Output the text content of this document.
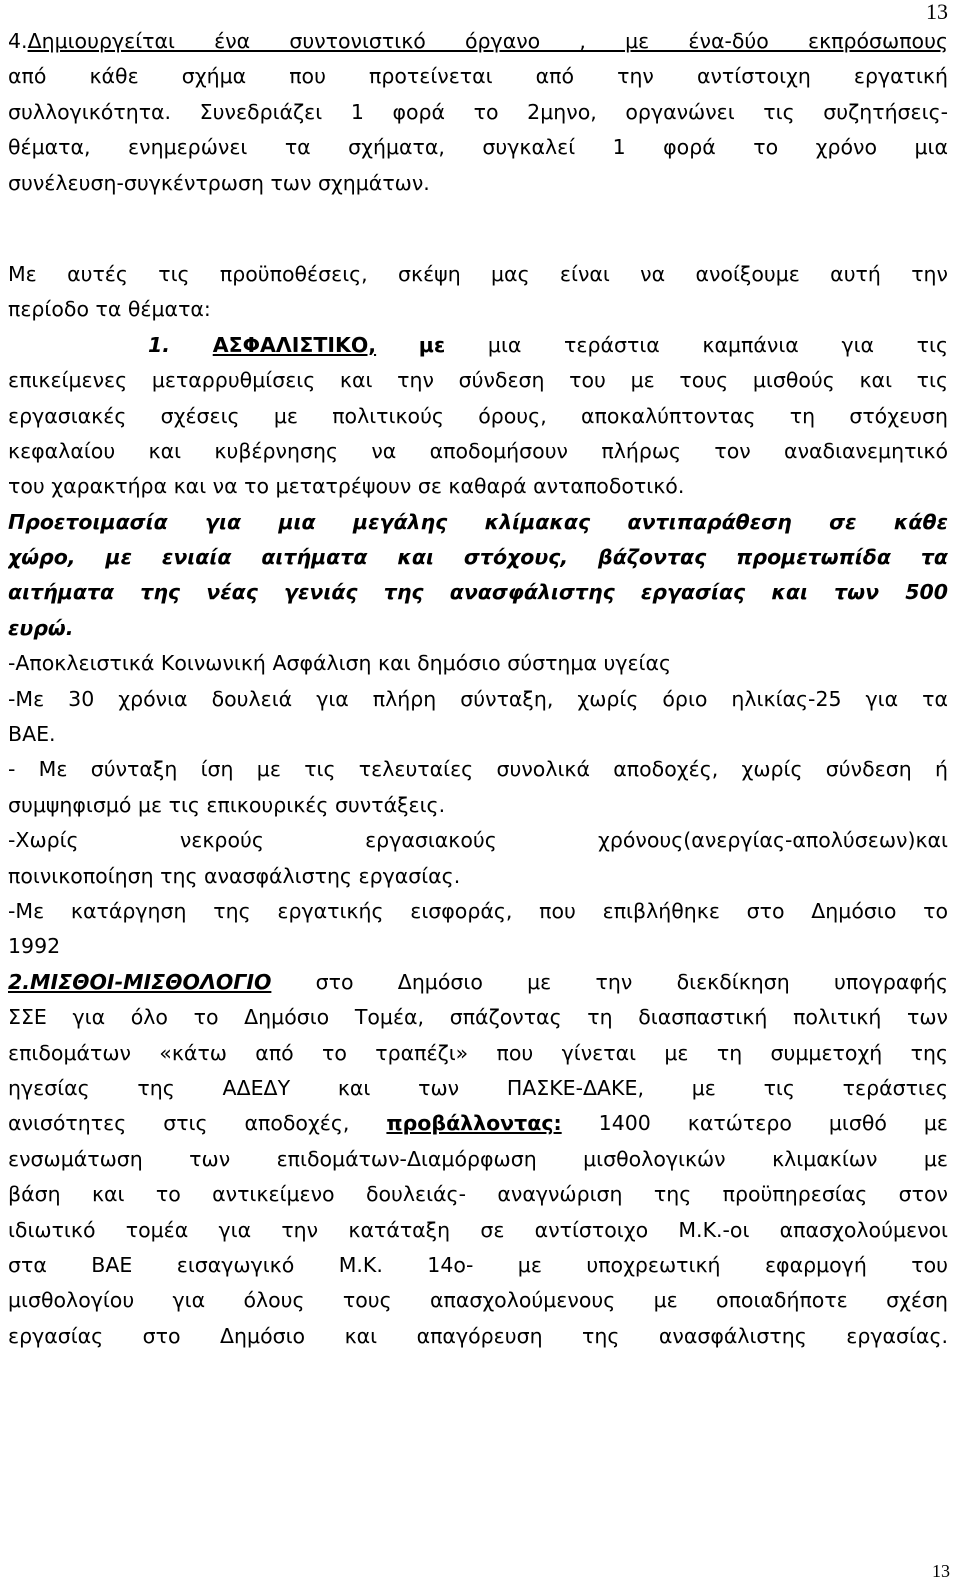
13
4.Δημιουργείται ένα συντονιστικό όργανο , με ένα-δύο εκπρόσωπους
από κάθε σχήμα που προτείνεται από την αντίστοιχη εργατική
συλλογικότητα. Συνεδριάζει 1 φορά το 2μηνο, οργανώνει τις συζητήσεις-
θέματα, ενημερώνει τα σχήματα, συγκαλεί 1 φορά το χρόνο μια
συνέλευση-συγκέντρωση των σχημάτων.
Με αυτές τις προϋποθέσεις, σκέψη μας είναι να ανοίξουμε αυτή την
περίοδο τα θέματα:
1. ΑΣΦΑΛΙΣΤΙΚΟ, με μια τεράστια καμπάνια για τις
επικείμενες μεταρρυθμίσεις και την σύνδεση του με τους μισθούς και τις
εργασιακές σχέσεις με πολιτικούς όρους, αποκαλύπτοντας τη στόχευση
κεφαλαίου και κυβέρνησης να αποδομήσουν πλήρως τον αναδιανεμητικό
του χαρακτήρα και να το μετατρέψουν σε καθαρά ανταποδοτικό.
Προετοιμασία για μια μεγάλης κλίμακας αντιπαράθεση σε κάθε
χώρο, με ενιαία αιτήματα και στόχους, βάζοντας προμετωπίδα τα
αιτήματα της νέας γενιάς της ανασφάλιστης εργασίας και των 500
ευρώ.
-Αποκλειστικά Κοινωνική Ασφάλιση και δημόσιο σύστημα υγείας
-Με 30 χρόνια δουλειά για πλήρη σύνταξη, χωρίς όριο ηλικίας-25 για τα
ΒΑΕ.
- Με σύνταξη ίση με τις τελευταίες συνολικά αποδοχές, χωρίς σύνδεση ή
συμψηφισμό με τις επικουρικές συντάξεις.
-Χωρίς νεκρούς εργασιακούς χρόνους(ανεργίας-απολύσεων)και
ποινικοποίηση της ανασφάλιστης εργασίας.
-Με κατάργηση της εργατικής εισφοράς, που επιβλήθηκε στο Δημόσιο το
1992
2.ΜΙΣΘΟΙ-ΜΙΣΘΟΛΟΓΙΟ στο Δημόσιο με την διεκδίκηση υπογραφής
ΣΣΕ για όλο το Δημόσιο Τομέα, σπάζοντας τη διασπαστική πολιτική των
επιδομάτων «κάτω από το τραπέζι» που γίνεται με τη συμμετοχή της
ηγεσίας της ΑΔΕΔΥ και των ΠΑΣΚΕ-ΔΑΚΕ, με τις τεράστιες
ανισότητες στις αποδοχές, προβάλλοντας: 1400 κατώτερο μισθό με
ενσωμάτωση των επιδομάτων-Διαμόρφωση μισθολογικών κλιμακίων με
βάση και το αντικείμενο δουλειάς- αναγνώριση της προϋπηρεσίας στον
ιδιωτικό τομέα για την κατάταξη σε αντίστοιχο Μ.Κ.-οι απασχολούμενοι
στα ΒΑΕ εισαγωγικό Μ.Κ. 14ο- με υποχρεωτική εφαρμογή του
μισθολογίου για όλους τους απασχολούμενους με οποιαδήποτε σχέση
εργασίας στο Δημόσιο και απαγόρευση της ανασφάλιστης εργασίας.
13
